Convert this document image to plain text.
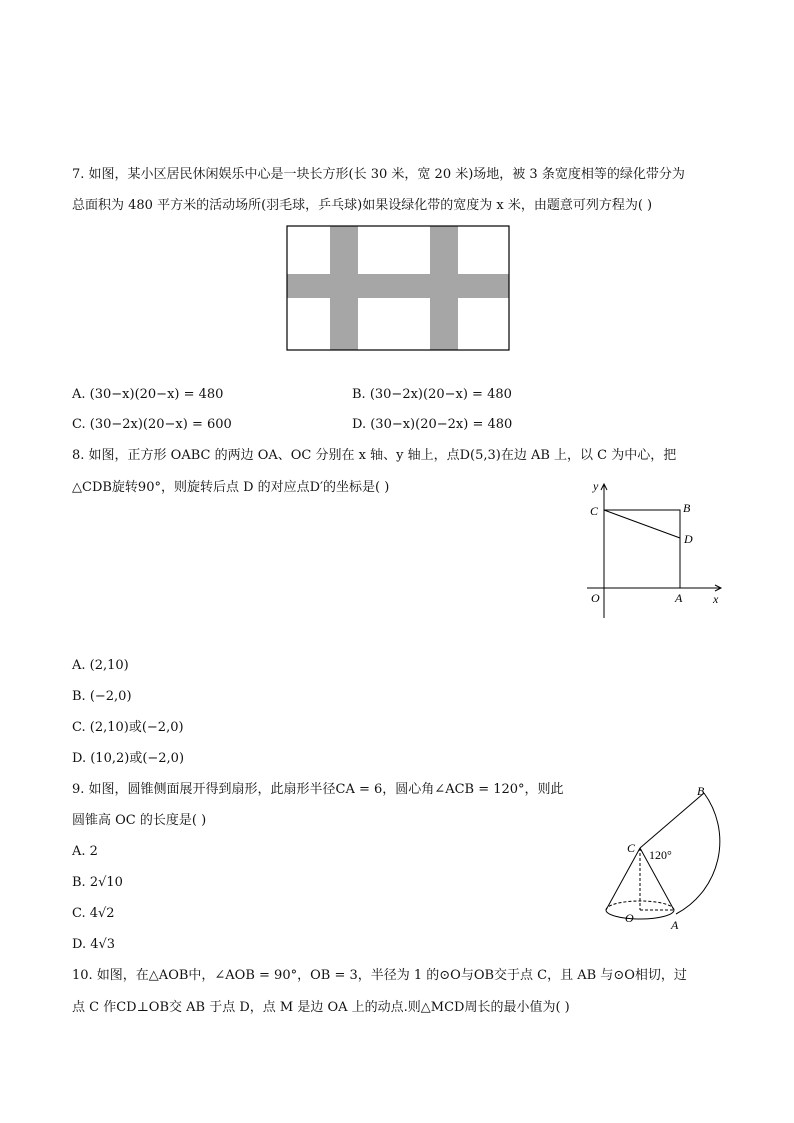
7. 如图，某小区居民休闲娱乐中心是一块长方形(长 30 米，宽 20 米)场地，被 3 条宽度相等的绿化带分为
总面积为 480 平方米的活动场所(羽毛球，乒乓球)如果设绿化带的宽度为 x 米，由题意可列方程为( )
A. (30−x)(20−x) = 480	B. (30−2x)(20−x) = 480
C. (30−2x)(20−x) = 600	D. (30−x)(20−2x) = 480
8. 如图，正方形 OABC 的两边 OA、OC 分别在 x 轴、y 轴上，点D(5,3)在边 AB 上，以 C 为中心，把
△CDB旋转90°，则旋转后点 D 的对应点D′的坐标是( )	y
C	B
D
O	A	x
A. (2,10)
B. (−2,0)
C. (2,10)或(−2,0)
D. (10,2)或(−2,0)
9. 如图，圆锥侧面展开得到扇形，此扇形半径CA = 6，圆心角∠ACB = 120°，则此
圆锥高 OC 的长度是( )
A. 2
B. 2√10
C. 4√2
D. 4√3
B
C 120°
O	A
10. 如图，在△AOB中，∠AOB = 90°，OB = 3，半径为 1 的⊙O与OB交于点 C，且 AB 与⊙O相切，过
点 C 作CD⊥OB交 AB 于点 D，点 M 是边 OA 上的动点.则△MCD周长的最小值为( )
